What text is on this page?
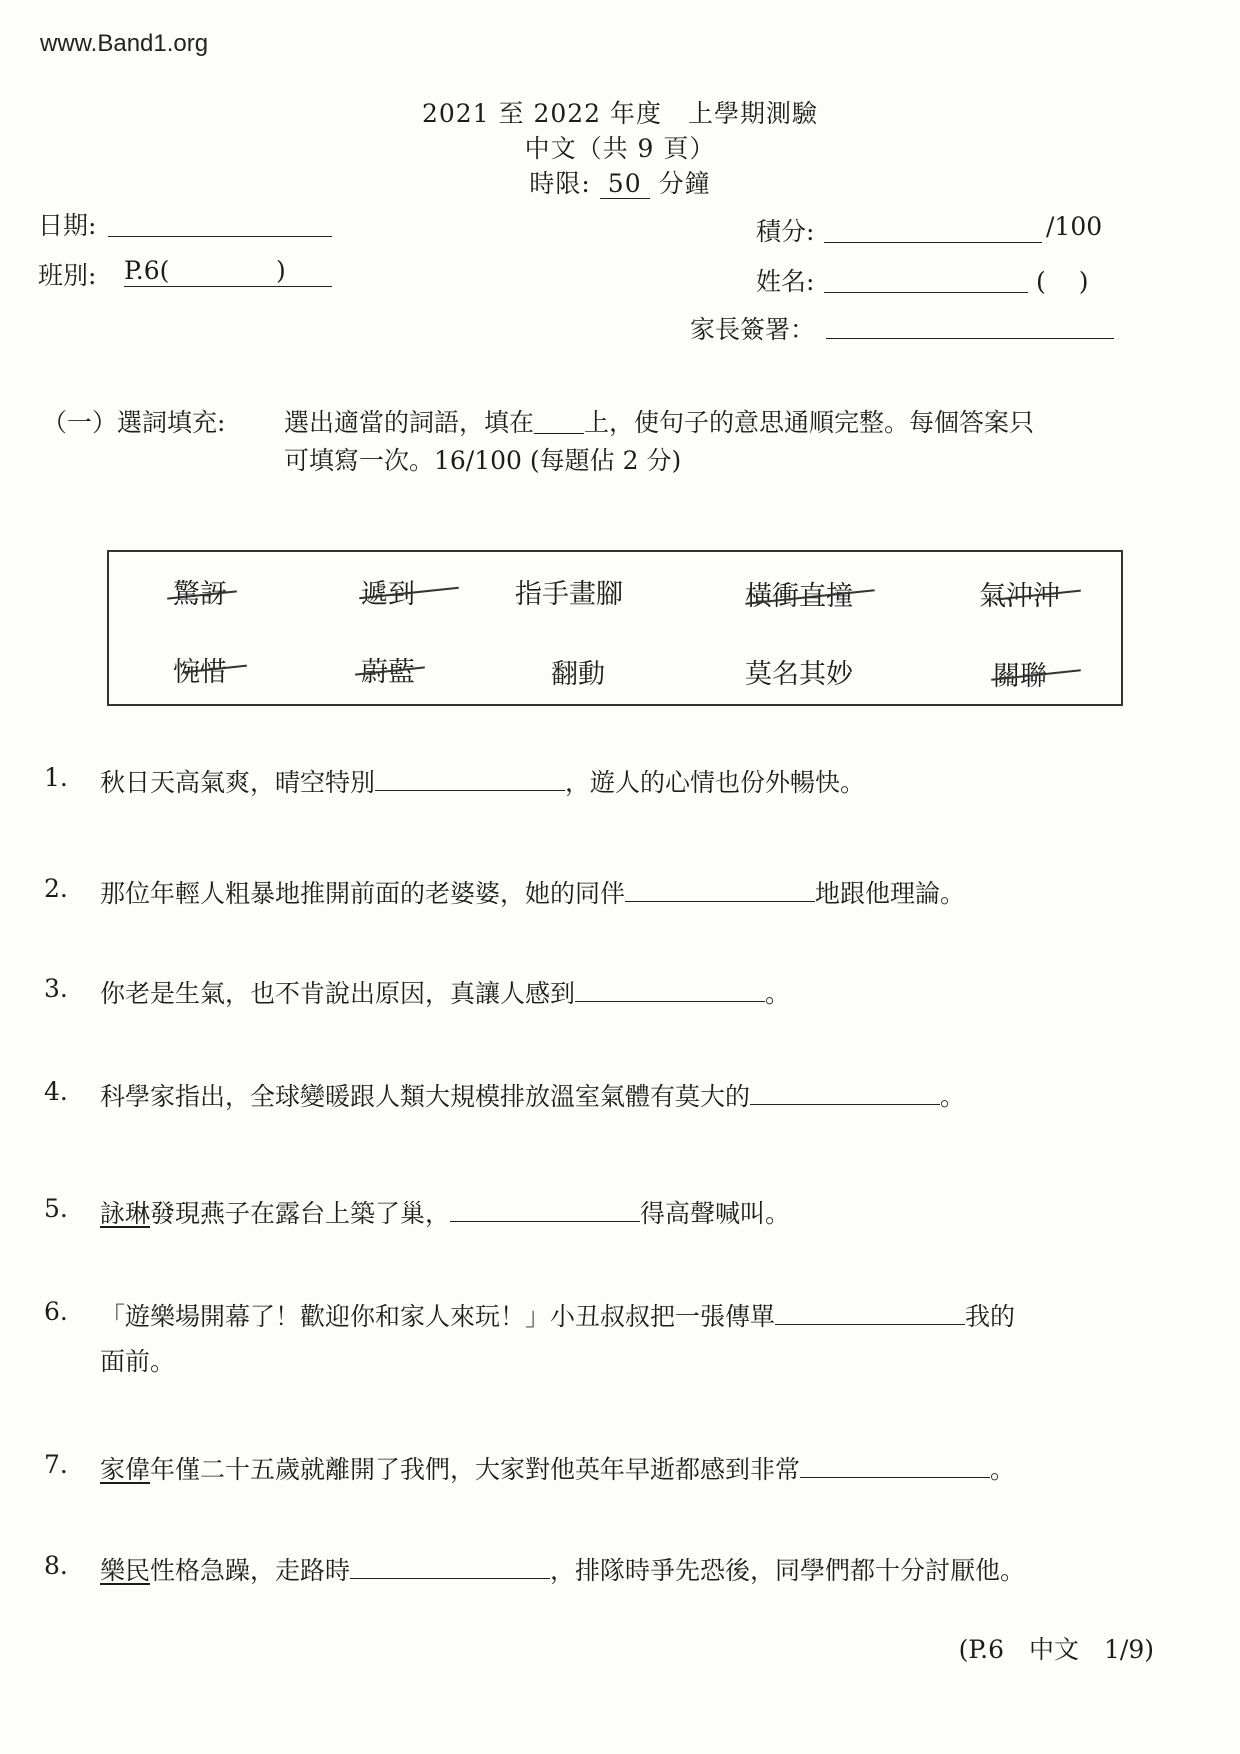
www.Band1.org
2021 至 2022 年度　上學期測驗
中文（共 9 頁）
時限: 50 分鐘
日期:
班別: P.6(	)
積分:	/100
姓名:	(　 )
家長簽署：
（一）選詞填充: 選出適當的詞語，填在＿＿上，使句子的意思通順完整。每個答案只
可填寫一次。16/100 (每題佔 2 分)
驚訝	遞到	指手畫腳	橫衝直撞	氣沖沖
惋惜	蔚藍	翻動	莫名其妙	關聯
1. 秋日天高氣爽，晴空特別	，遊人的心情也份外暢快。
2. 那位年輕人粗暴地推開前面的老婆婆，她的同伴	地跟他理論。
3. 你老是生氣，也不肯說出原因，真讓人感到	。
4. 科學家指出，全球變暖跟人類大規模排放溫室氣體有莫大的	。
5. 詠琳發現燕子在露台上築了巢，	得高聲喊叫。
6. 「遊樂場開幕了！歡迎你和家人來玩！」小丑叔叔把一張傳單	我的
面前。
7. 家偉年僅二十五歲就離開了我們，大家對他英年早逝都感到非常	。
8. 樂民性格急躁，走路時	，排隊時爭先恐後，同學們都十分討厭他。
(P.6　中文　1/9)
